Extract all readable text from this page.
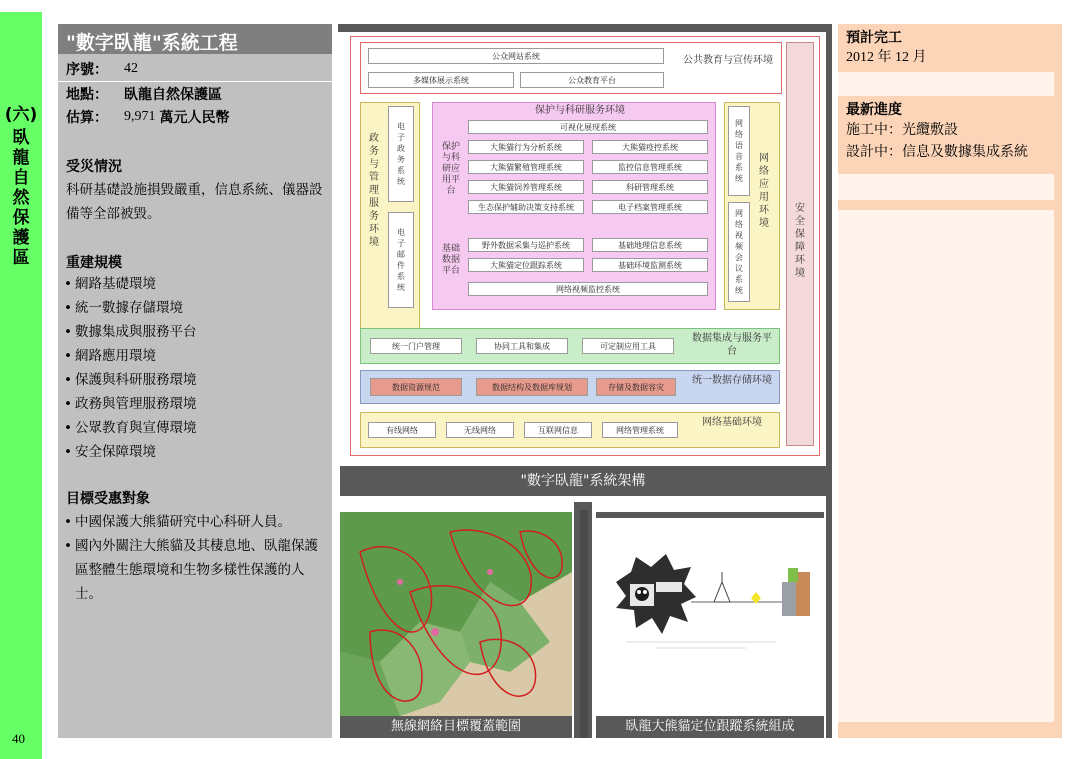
(六)
臥龍自然保護區
40
"數字臥龍"系統工程
序號：	42
地點：	臥龍自然保護區
估算：	9,971 萬元人民幣
受災情況
科研基礎設施損毀嚴重，信息系統、儀器設備等全部被毀。
重建規模
• 網路基礎環境
• 統一數據存儲環境
• 數據集成與服務平台
• 網路應用環境
• 保護與科研服務環境
• 政務與管理服務環境
• 公眾教育與宣傳環境
• 安全保障環境
目標受惠對象
• 中國保護大熊貓研究中心科研人員。
• 國內外關注大熊貓及其棲息地、臥龍保護區整體生態環境和生物多樣性保護的人士。
公众网站系统
多媒体展示系统	公众教育平台
公共教育与宣传环境
安全保障环境
政务与管理服务环境
电子政务系统
电子邮件系统
保护与科研服务环境
可视化展现系统
保护与科研应用平台
大熊猫行为分析系统	大熊猫疫控系统
大熊猫繁殖管理系统	监控信息管理系统
大熊猫饲养管理系统	科研管理系统
生态保护辅助决策支持系统	电子档案管理系统
基础数据平台
野外数据采集与巡护系统	基础地理信息系统
大熊猫定位跟踪系统	基础环境监测系统
网络视频监控系统
网络语音系统
网络视频会议系统
网络应用环境
统一门户管理	协同工具和集成	可定制应用工具
数据集成与服务平台
数据资源规范	数据结构及数据库规划	存储及数据容灾
统一数据存储环境
有线网络	无线网络	互联网信息	网络管理系统
网络基础环境
"數字臥龍"系統架構
無線網絡目標覆蓋範圍	臥龍大熊貓定位跟蹤系統組成
預計完工
2012 年 12 月
最新進度
施工中：光纜敷設
設計中：信息及數據集成系統
